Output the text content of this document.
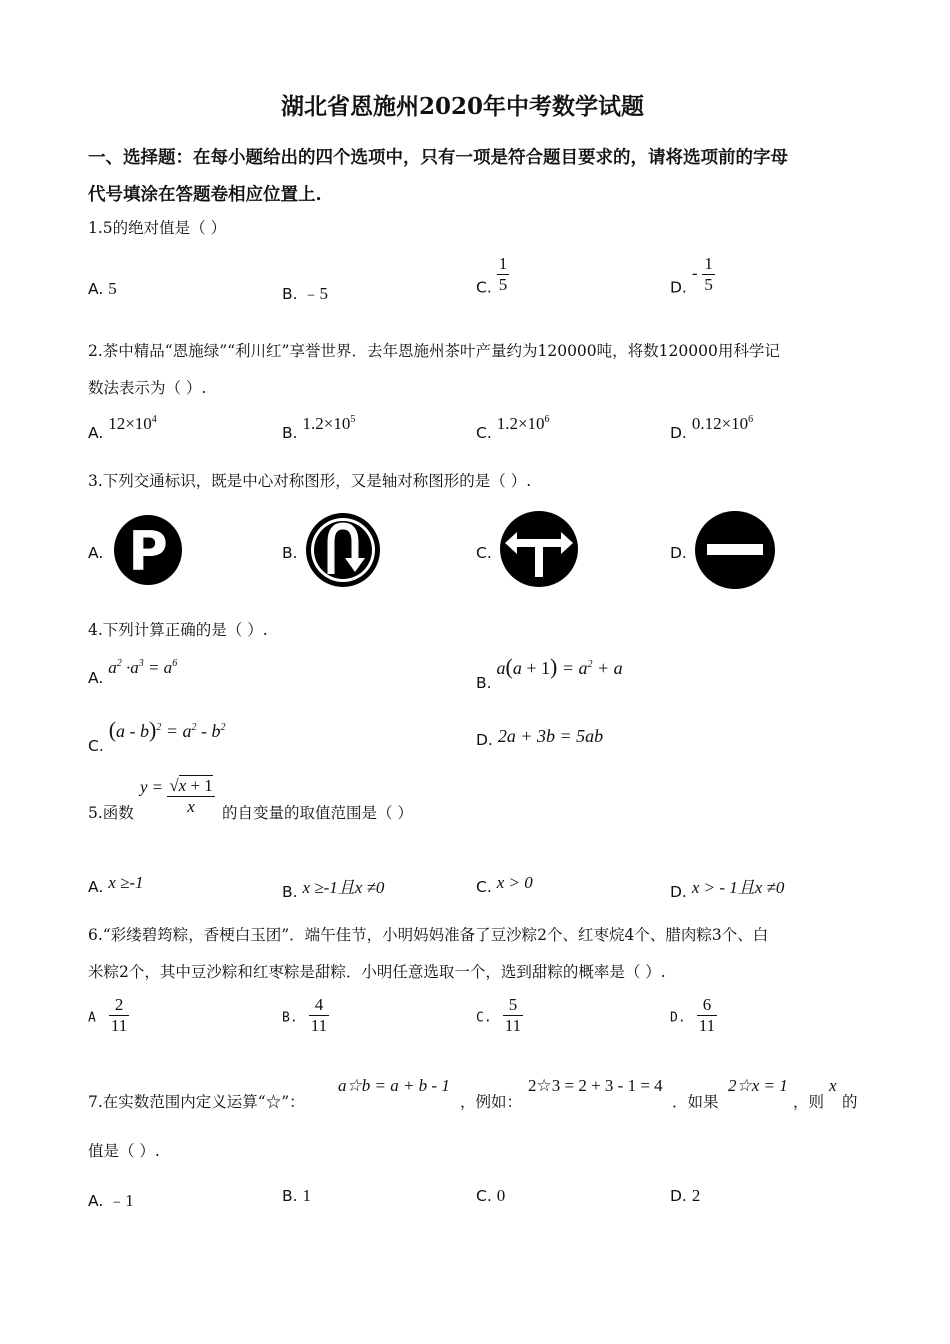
湖北省恩施州2020年中考数学试题
一、选择题：在每小题给出的四个选项中，只有一项是符合题目要求的，请将选项前的字母
代号填涂在答题卷相应位置上.
1.5的绝对值是（ ）
A. 5	B. ﹣5	C. $\frac{1}{5}$	D. - $\frac{1}{5}$
2.茶中精品“恩施绿”“利川红”享誉世界．去年恩施州茶叶产量约为120000吨，将数120000用科学记
数法表示为（ ）.
A. $12\times 10^4$
B. $1.2\times 10^5$
C. $1.2\times 10^6$
D. $0.12\times 10^6$
3.下列交通标识，既是中心对称图形，又是轴对称图形的是（ ）.
A. P	B.	C.	D.
4.下列计算正确的是（ ）.
A. $a^2 \cdot a^3 = a^6$
B. $a(a + 1) = a^2 + a$
C. $(a - b)^2 = a^2 - b^2$
D. 2a + 3b = 5ab
5.函数
$y = \frac{√x + 1}{x}$ 的自变量的取值范围是（ ）
A. x ≥-1	B. x ≥-1且x ≠0	C. x > 0	D. x > - 1且x ≠0
6.“彩缕碧筠粽，香梗白玉团”．端午佳节，小明妈妈准备了豆沙粽2个、红枣烷4个、腊肉粽3个、白
米粽2个，其中豆沙粽和红枣粽是甜粽．小明任意选取一个，选到甜粽的概率是（ ）.
A $\frac{2}{11}$	B. $\frac{4}{11}$	C. $\frac{5}{11}$	D. $\frac{6}{11}$
7.在实数范围内定义运算“☆”：
a☆b = a + b - 1
，例如：
2☆3 = 2 + 3 - 1 = 4
．如果
2☆x = 1
，则
x
的
值是（ ）.
A. ﹣1	B. 1	C. 0	D. 2
